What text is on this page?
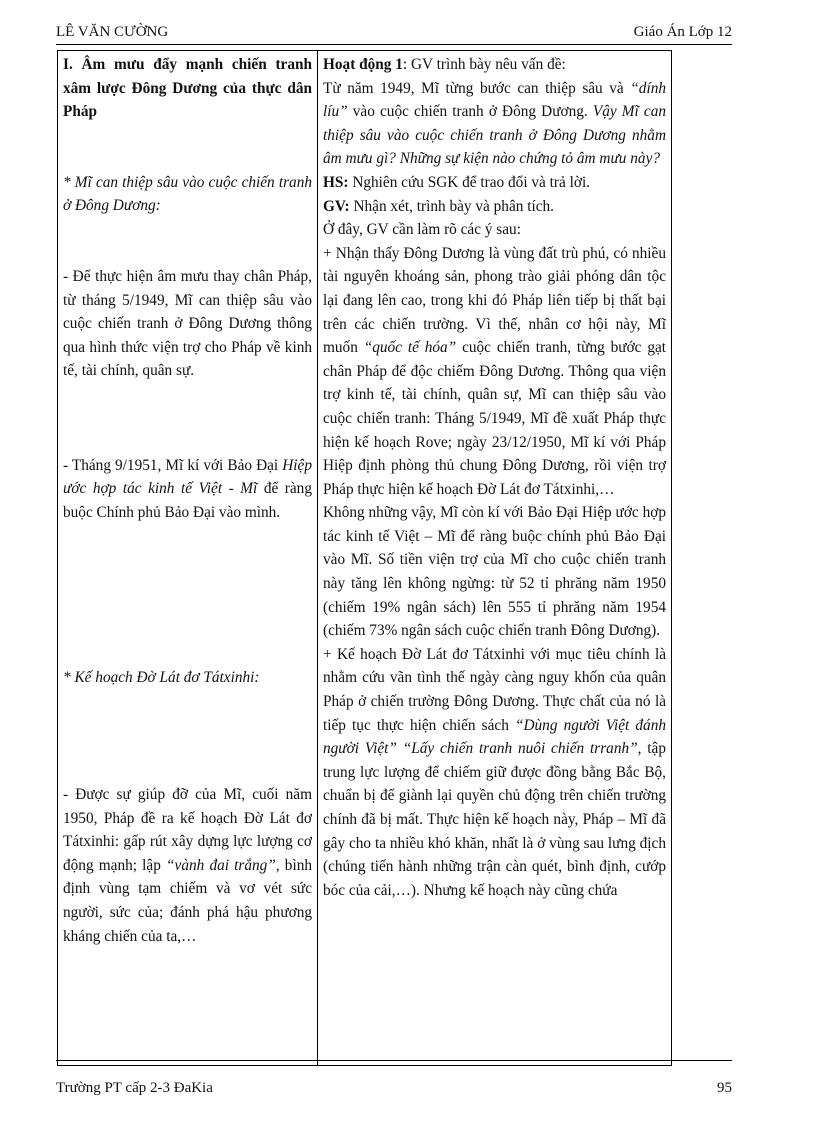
LÊ VĂN CƯỜNG	Giáo Án Lớp 12

I. Âm mưu đẩy mạnh chiến tranh xâm lược Đông Dương của thực dân Pháp

* Mĩ can thiệp sâu vào cuộc chiến tranh ở Đông Dương:

- Để thực hiện âm mưu thay chân Pháp, từ tháng 5/1949, Mĩ can thiệp sâu vào cuộc chiến tranh ở Đông Dương thông qua hình thức viện trợ cho Pháp về kinh tế, tài chính, quân sự.

- Tháng 9/1951, Mĩ kí với Bảo Đại Hiệp ước hợp tác kinh tế Việt - Mĩ để ràng buộc Chính phủ Bảo Đại vào mình.

* Kế hoạch Đờ Lát đơ Tátxinhi:

- Được sự giúp đỡ của Mĩ, cuối năm 1950, Pháp đề ra kế hoạch Đờ Lát đơ Tátxinhi: gấp rút xây dựng lực lượng cơ động mạnh; lập “vành đai trắng”, bình định vùng tạm chiếm và vơ vét sức người, sức của; đánh phá hậu phương kháng chiến của ta,…

Hoạt động 1: GV trình bày nêu vấn đề:

Từ năm 1949, Mĩ từng bước can thiệp sâu và “dính líu” vào cuộc chiến tranh ở Đông Dương. Vậy Mĩ can thiệp sâu vào cuộc chiến tranh ở Đông Dương nhằm âm mưu gì? Những sự kiện nào chứng tỏ âm mưu này?

HS: Nghiên cứu SGK để trao đổi và trả lời.

GV: Nhận xét, trình bày và phân tích.

Ở đây, GV cần làm rõ các ý sau:

+ Nhận thấy Đông Dương là vùng đất trù phú, có nhiều tài nguyên khoáng sản, phong trào giải phóng dân tộc lại đang lên cao, trong khi đó Pháp liên tiếp bị thất bại trên các chiến trường. Vì thế, nhân cơ hội này, Mĩ muốn “quốc tế hóa” cuộc chiến tranh, từng bước gạt chân Pháp để độc chiếm Đông Dương. Thông qua viện trợ kinh tế, tài chính, quân sự, Mĩ can thiệp sâu vào cuộc chiến tranh: Tháng 5/1949, Mĩ đề xuất Pháp thực hiện kế hoạch Rove; ngày 23/12/1950, Mĩ kí với Pháp Hiệp định phòng thủ chung Đông Dương, rồi viện trợ Pháp thực hiện kế hoạch Đờ Lát đơ Tátxinhi,…

Không những vậy, Mĩ còn kí với Bảo Đại Hiệp ước hợp tác kinh tế Việt – Mĩ để ràng buộc chính phủ Bảo Đại vào Mĩ. Số tiền viện trợ của Mĩ cho cuộc chiến tranh này tăng lên không ngừng: từ 52 tỉ phrăng năm 1950 (chiếm 19% ngân sách) lên 555 tỉ phrăng năm 1954 (chiếm 73% ngân sách cuộc chiến tranh Đông Dương).

+ Kế hoạch Đờ Lát đơ Tátxinhi với mục tiêu chính là nhằm cứu vãn tình thế ngày càng nguy khốn của quân Pháp ở chiến trường Đông Dương. Thực chất của nó là tiếp tục thực hiện chiến sách “Dùng người Việt đánh người Việt” “Lấy chiến tranh nuôi chiến trranh”, tập trung lực lượng để chiếm giữ được đồng bằng Bắc Bộ, chuẩn bị để giành lại quyền chủ động trên chiến trường chính đã bị mất. Thực hiện kế hoạch này, Pháp – Mĩ đã gây cho ta nhiều khó khăn, nhất là ở vùng sau lưng địch (chúng tiến hành những trận càn quét, bình định, cướp bóc của cải,…). Nhưng kế hoạch này cũng chứa

Trường PT cấp 2-3 ĐaKia	95
